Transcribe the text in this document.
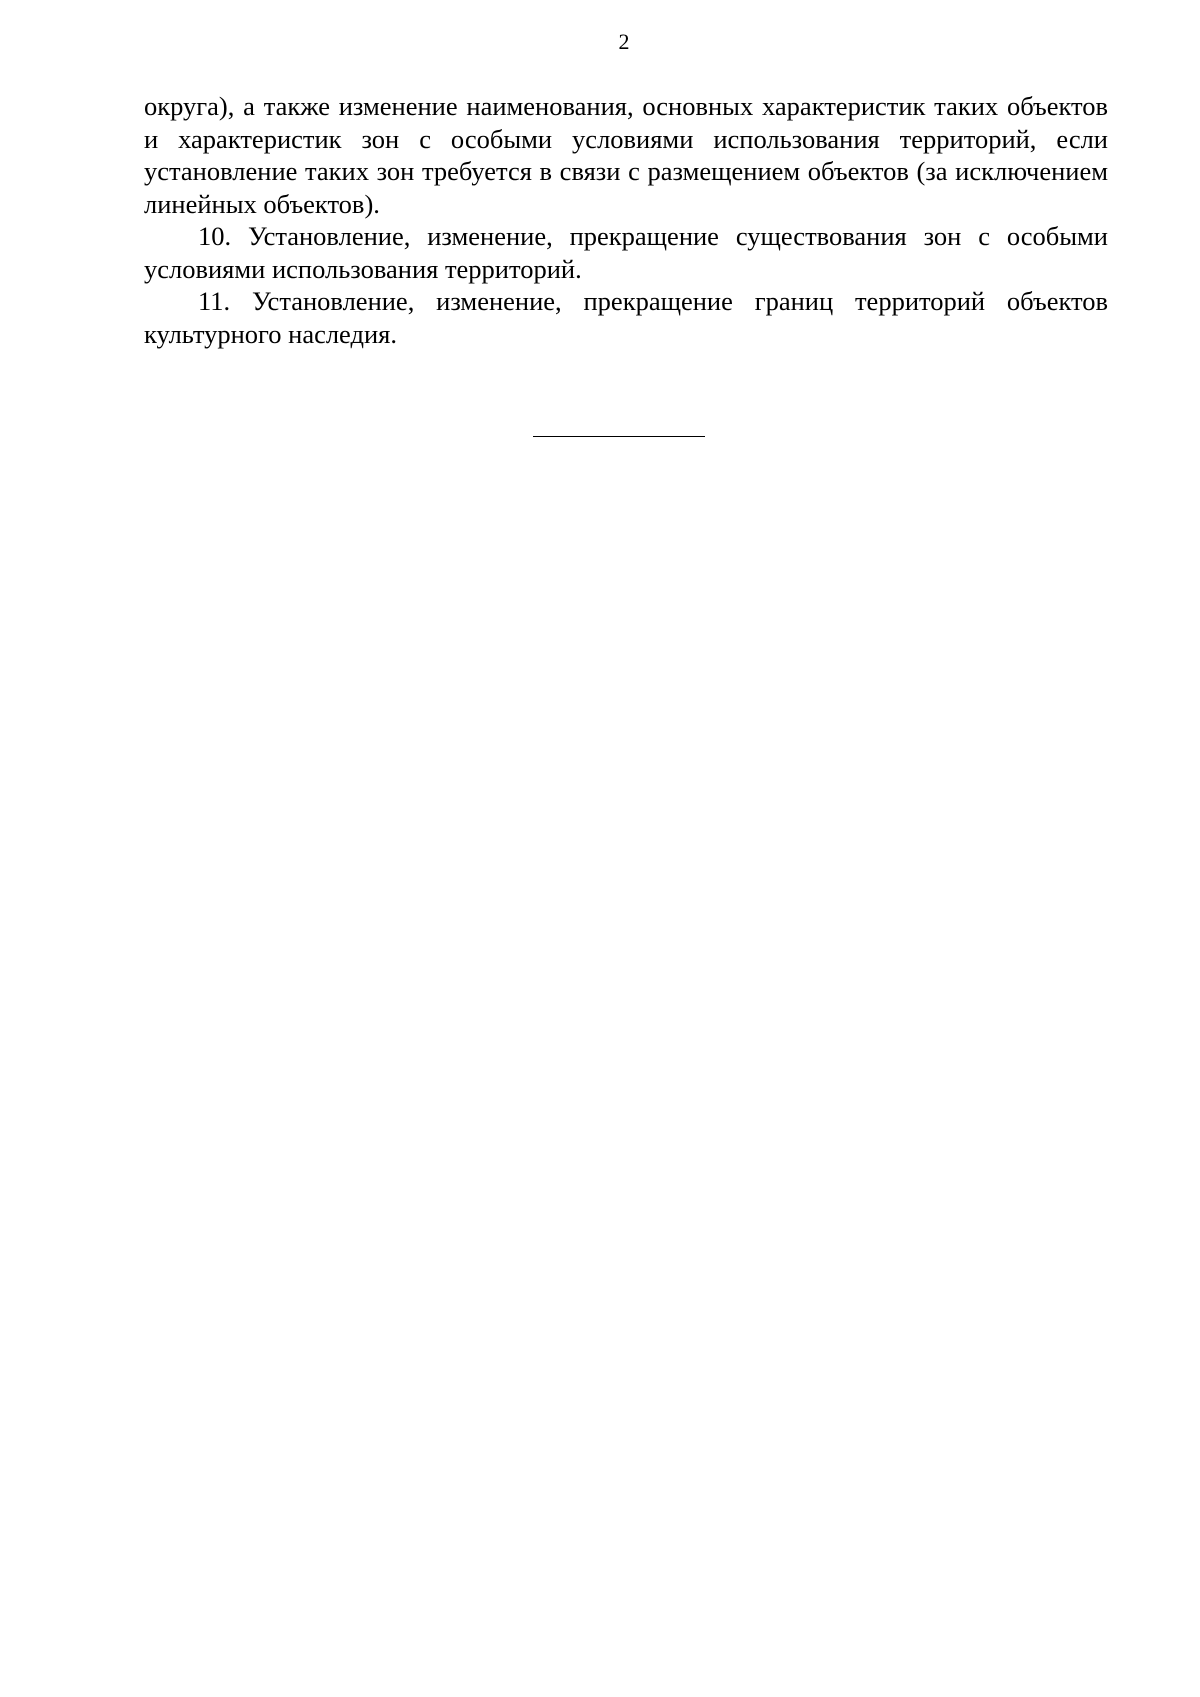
2

округа), а также изменение наименования, основных характеристик таких объектов и характеристик зон с особыми условиями использования территорий, если установление таких зон требуется в связи с размещением объектов (за исключением линейных объектов).

10. Установление, изменение, прекращение существования зон с особыми условиями использования территорий.

11. Установление, изменение, прекращение границ территорий объектов культурного наследия.
